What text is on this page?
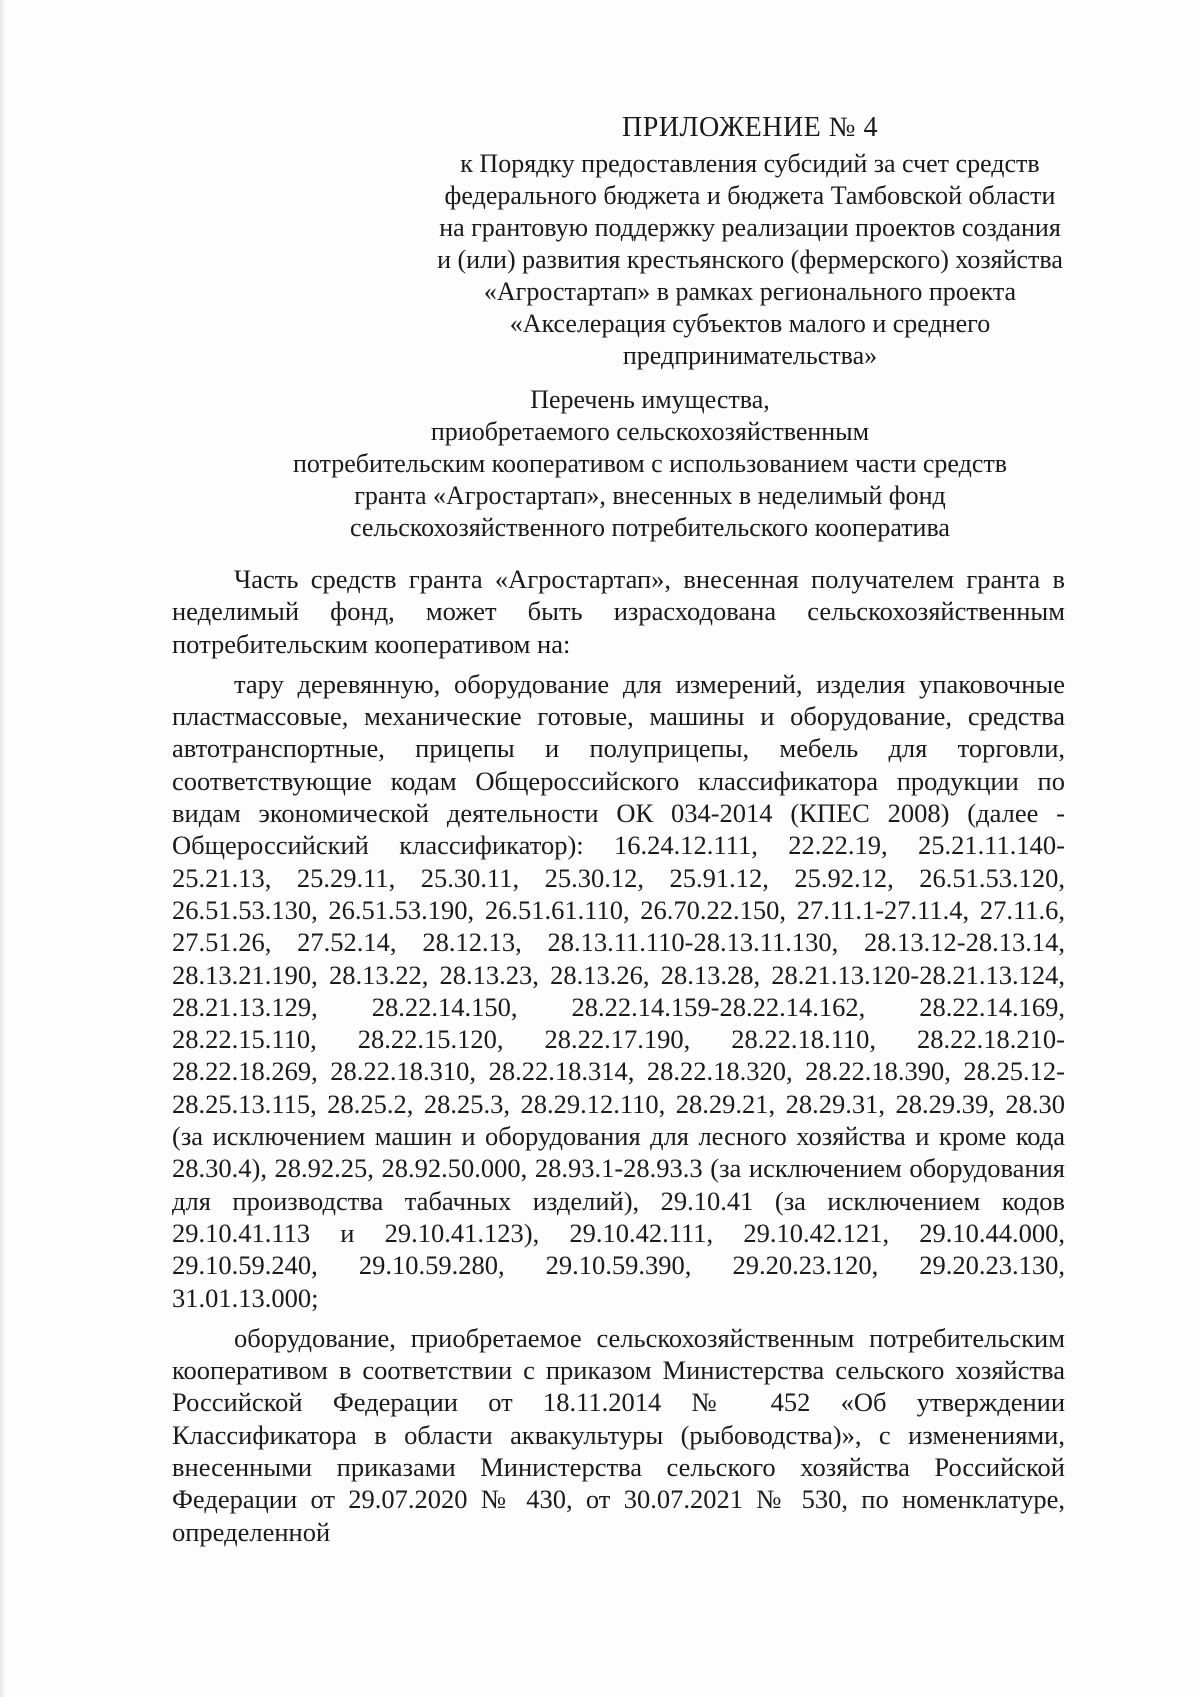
ПРИЛОЖЕНИЕ № 4
к Порядку предоставления субсидий за счет средств
федерального бюджета и бюджета Тамбовской области
на грантовую поддержку реализации проектов создания
и (или) развития крестьянского (фермерского) хозяйства
«Агростартап» в рамках регионального проекта
«Акселерация субъектов малого и среднего
предпринимательства»
Перечень имущества,
приобретаемого сельскохозяйственным
потребительским кооперативом с использованием части средств
гранта «Агростартап», внесенных в неделимый фонд
сельскохозяйственного потребительского кооператива

Часть средств гранта «Агростартап», внесенная получателем гранта в неделимый фонд, может быть израсходована сельскохозяйственным потребительским кооперативом на:

тару деревянную, оборудование для измерений, изделия упаковочные пластмассовые, механические готовые, машины и оборудование, средства автотранспортные, прицепы и полуприцепы, мебель для торговли, соответствующие кодам Общероссийского классификатора продукции по видам экономической деятельности ОК 034-2014 (КПЕС 2008) (далее - Общероссийский классификатор): 16.24.12.111, 22.22.19, 25.21.11.140-25.21.13, 25.29.11, 25.30.11, 25.30.12, 25.91.12, 25.92.12, 26.51.53.120, 26.51.53.130, 26.51.53.190, 26.51.61.110, 26.70.22.150, 27.11.1-27.11.4, 27.11.6, 27.51.26, 27.52.14, 28.12.13, 28.13.11.110-28.13.11.130, 28.13.12-28.13.14, 28.13.21.190, 28.13.22, 28.13.23, 28.13.26, 28.13.28, 28.21.13.120-28.21.13.124, 28.21.13.129, 28.22.14.150, 28.22.14.159-28.22.14.162, 28.22.14.169, 28.22.15.110, 28.22.15.120, 28.22.17.190, 28.22.18.110, 28.22.18.210-28.22.18.269, 28.22.18.310, 28.22.18.314, 28.22.18.320, 28.22.18.390, 28.25.12-28.25.13.115, 28.25.2, 28.25.3, 28.29.12.110, 28.29.21, 28.29.31, 28.29.39, 28.30 (за исключением машин и оборудования для лесного хозяйства и кроме кода 28.30.4), 28.92.25, 28.92.50.000, 28.93.1-28.93.3 (за исключением оборудования для производства табачных изделий), 29.10.41 (за исключением кодов 29.10.41.113 и 29.10.41.123), 29.10.42.111, 29.10.42.121, 29.10.44.000, 29.10.59.240, 29.10.59.280, 29.10.59.390, 29.20.23.120, 29.20.23.130, 31.01.13.000;

оборудование, приобретаемое сельскохозяйственным потребительским кооперативом в соответствии с приказом Министерства сельского хозяйства Российской Федерации от 18.11.2014 № 452 «Об утверждении Классификатора в области аквакультуры (рыбоводства)», с изменениями, внесенными приказами Министерства сельского хозяйства Российской Федерации от 29.07.2020 № 430, от 30.07.2021 № 530, по номенклатуре, определенной
